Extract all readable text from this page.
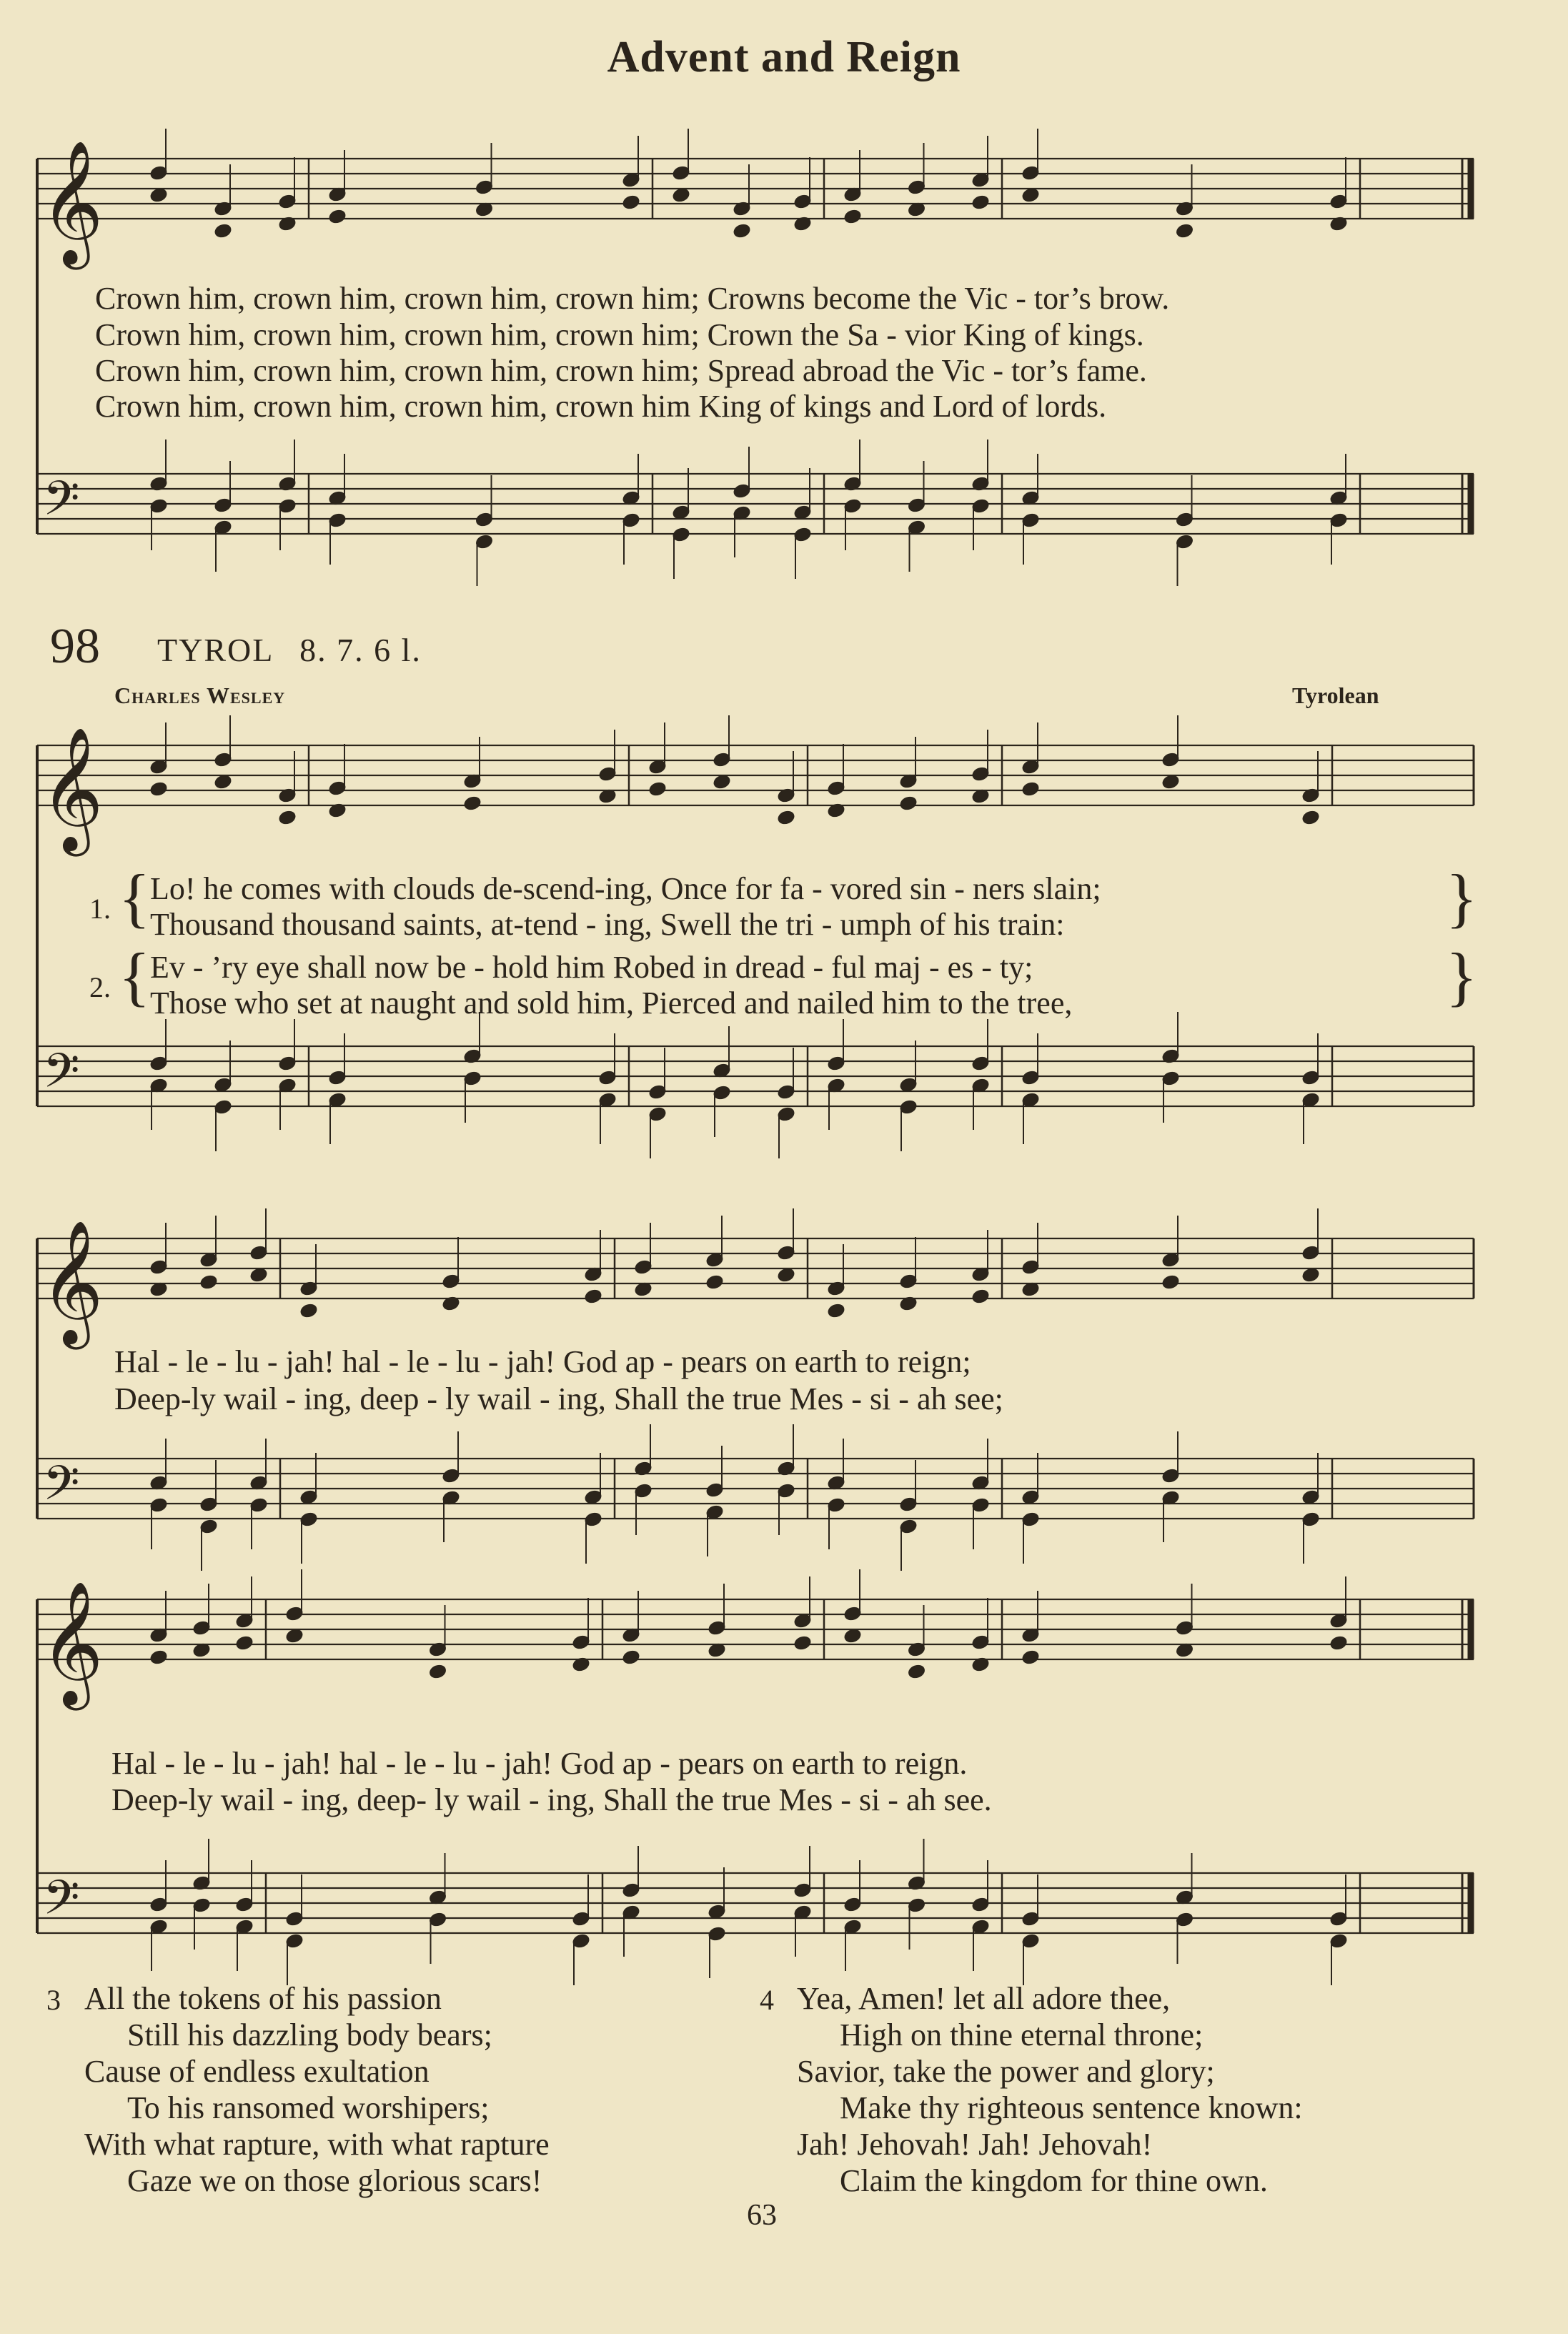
Advent and Reign
𝄞
𝄢
𝄞
𝄢
𝄞
𝄢
𝄞
𝄢
Crown him, crown him, crown him, crown him; Crowns become the Vic - tor’s brow.
Crown him, crown him, crown him, crown him; Crown the Sa - vior King of kings.
Crown him, crown him, crown him, crown him; Spread abroad the Vic - tor’s fame.
Crown him, crown him, crown him, crown him King of kings and Lord of lords.
98 TYROL 8. 7. 6 l.
Charles Wesley	Tyrolean
1. { Lo! he comes with clouds de-scend-ing, Once for fa - vored sin - ners slain;
Thousand thousand saints, at-tend - ing, Swell the tri - umph of his train:	}
2. { Ev - ’ry eye shall now be - hold him Robed in dread - ful maj - es - ty;
Those who set at naught and sold him, Pierced and nailed him to the tree,	}
Hal - le - lu - jah! hal - le - lu - jah! God ap - pears on earth to reign;
Deep-ly wail - ing, deep - ly wail - ing, Shall the true Mes - si - ah see;
Hal - le - lu - jah! hal - le - lu - jah! God ap - pears on earth to reign.
Deep-ly wail - ing, deep- ly wail - ing, Shall the true Mes - si - ah see.
3 All the tokens of his passion
Still his dazzling body bears;
Cause of endless exultation
To his ransomed worshipers;
With what rapture, with what rapture
Gaze we on those glorious scars!
4 Yea, Amen! let all adore thee,
High on thine eternal throne;
Savior, take the power and glory;
Make thy righteous sentence known:
Jah! Jehovah! Jah! Jehovah!
Claim the kingdom for thine own.
63
